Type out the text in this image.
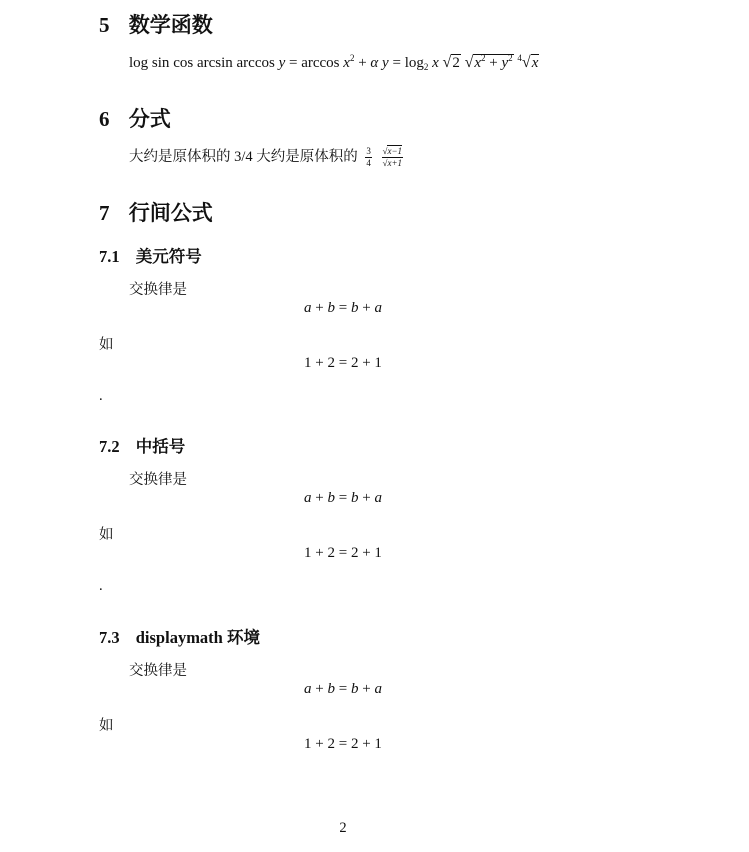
5 数学函数
$\log \sin \cos \arcsin \arccos y = \arccos x^2 + \alpha$ $y = \log_2 x$ √2 $√x^2 + y^2$ $^4$√x
6 分式
大约是原体积的 3/4 大约是原体积的 $\frac{3}{4}$
$\frac{√x-1}{√x+1}$
7 行间公式
7.1 美元符号
交换律是
a + b = b + a
如
1 + 2 = 2 + 1
.
7.2 中括号
交换律是
a + b = b + a
如
1 + 2 = 2 + 1
.
7.3 displaymath 环境
交换律是
a + b = b + a
如
1 + 2 = 2 + 1
2
